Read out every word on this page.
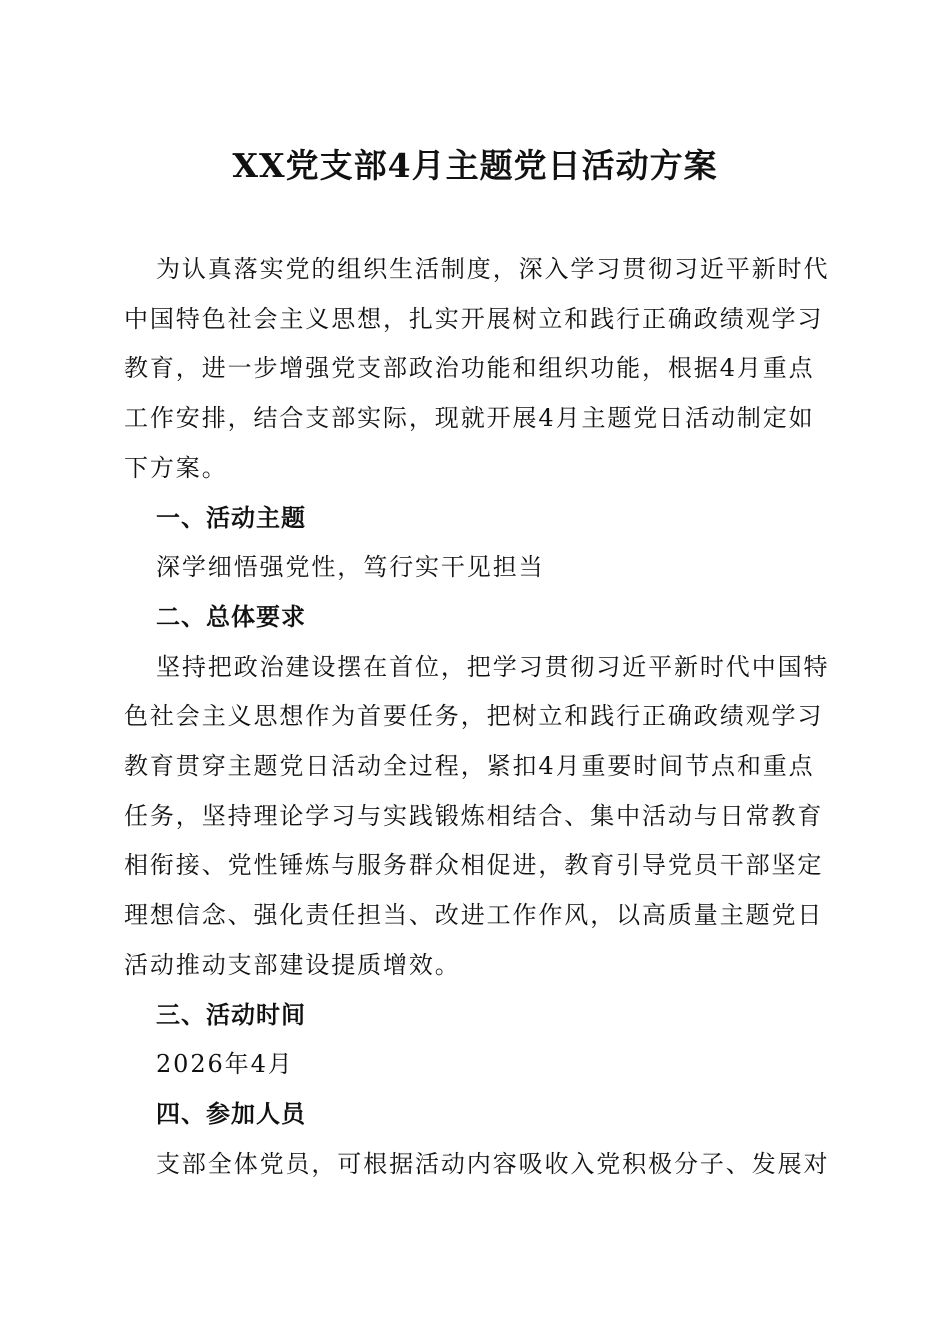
XX党支部4月主题党日活动方案

为认真落实党的组织生活制度，深入学习贯彻习近平新时代

中国特色社会主义思想，扎实开展树立和践行正确政绩观学习

教育，进一步增强党支部政治功能和组织功能，根据4月重点

工作安排，结合支部实际，现就开展4月主题党日活动制定如

下方案。

一、活动主题

深学细悟强党性，笃行实干见担当

二、总体要求

坚持把政治建设摆在首位，把学习贯彻习近平新时代中国特

色社会主义思想作为首要任务，把树立和践行正确政绩观学习

教育贯穿主题党日活动全过程，紧扣4月重要时间节点和重点

任务，坚持理论学习与实践锻炼相结合、集中活动与日常教育

相衔接、党性锤炼与服务群众相促进，教育引导党员干部坚定

理想信念、强化责任担当、改进工作作风，以高质量主题党日

活动推动支部建设提质增效。

三、活动时间

2026年4月

四、参加人员

支部全体党员，可根据活动内容吸收入党积极分子、发展对
